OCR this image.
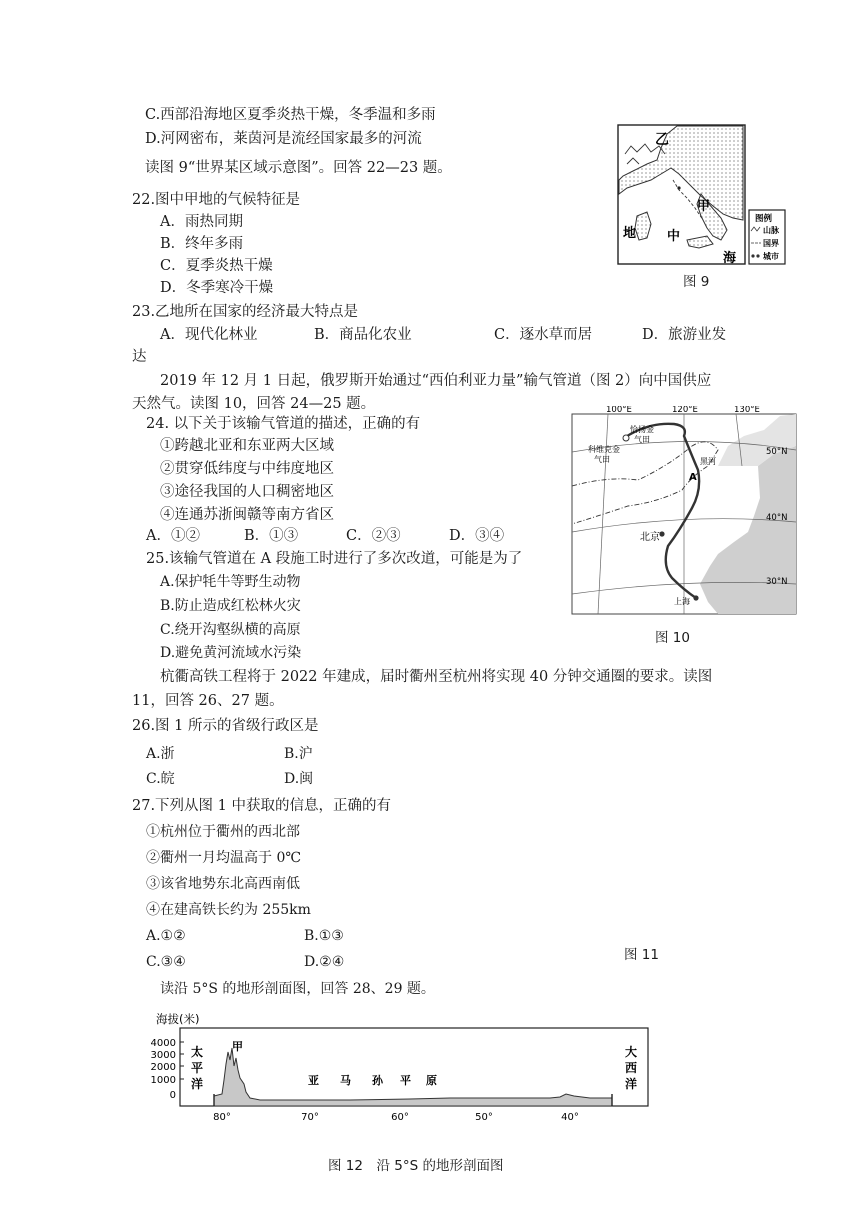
C.西部沿海地区夏季炎热干燥，冬季温和多雨
D.河网密布，莱茵河是流经国家最多的河流
读图 9“世界某区域示意图”。回答 22—23 题。
22.图中甲地的气候特征是
A．雨热同期
B．终年多雨
C．夏季炎热干燥
D．冬季寒冷干燥
23.乙地所在国家的经济最大特点是
A．现代化林业	B．商品化农业	C．逐水草而居	D．旅游业发
达
2019 年 12 月 1 日起，俄罗斯开始通过“西伯利亚力量”输气管道（图 2）向中国供应
天然气。读图 10，回答 24—25 题。
24. 以下关于该输气管道的描述，正确的有
①跨越北亚和东亚两大区域
②贯穿低纬度与中纬度地区
③途径我国的人口稠密地区
④连通苏浙闽赣等南方省区
A．①②	B．①③	C．②③	D．③④
25.该输气管道在 A 段施工时进行了多次改道，可能是为了
A.保护牦牛等野生动物
B.防止造成红松林火灾
C.绕开沟壑纵横的高原
D.避免黄河流域水污染
杭衢高铁工程将于 2022 年建成，届时衢州至杭州将实现 40 分钟交通圈的要求。读图
11，回答 26、27 题。
26.图 1 所示的省级行政区是
A.浙	B.沪
C.皖	D.闽
27.下列从图 1 中获取的信息，正确的有
①杭州位于衢州的西北部
②衢州一月均温高于 0℃
③该省地势东北高西南低
④在建高铁长约为 255km
A.①②	B.①③
C.③④	D.②④
读沿 5°S 的地形剖面图，回答 28、29 题。
乙
甲
地 中
海
图例
山脉
国界
城市
图 9
100°E	120°E	130°E
50°N
40°N
30°N
科维克金
气田
恰扬金
气田
黑河
A
北京
上海
图 10
图 11
海拔(米)
4000
3000
2000
1000
0
80°	70°	60°	50°	40°
太
平
洋
大
西
洋
甲
亚 马 孙 平 原
图 12　沿 5°S 的地形剖面图
